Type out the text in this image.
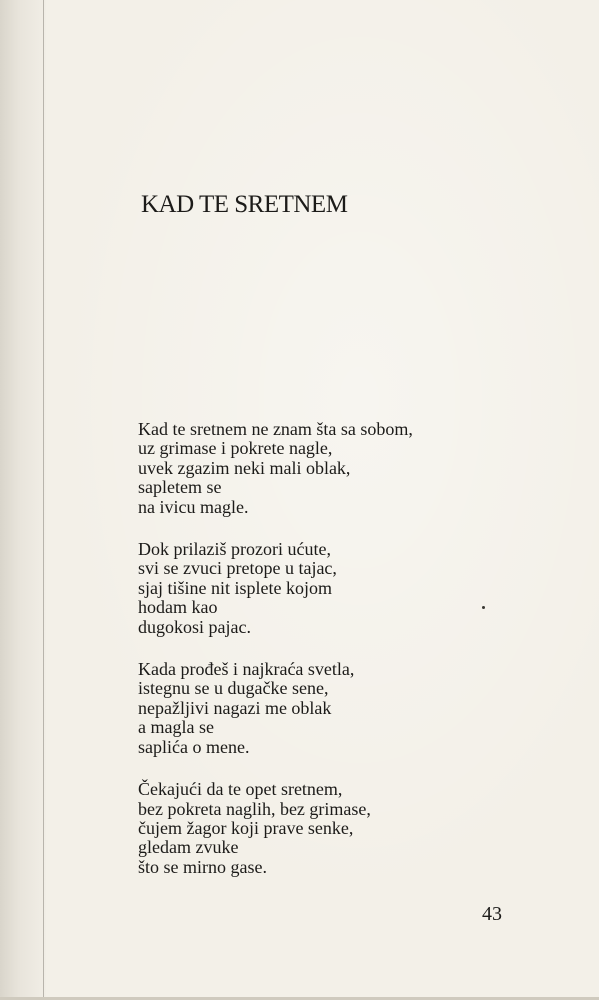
KAD TE SRETNEM

Kad te sretnem ne znam šta sa sobom,
uz grimase i pokrete nagle,
uvek zgazim neki mali oblak,
sapletem se
na ivicu magle.

Dok prilaziš prozori ućute,
svi se zvuci pretope u tajac,
sjaj tišine nit isplete kojom
hodam kao
dugokosi pajac.

Kada prođeš i najkraća svetla,
istegnu se u dugačke sene,
nepažljivi nagazi me oblak
a magla se
saplića o mene.

Čekajući da te opet sretnem,
bez pokreta naglih, bez grimase,
čujem žagor koji prave senke,
gledam zvuke
što se mirno gase.

43
